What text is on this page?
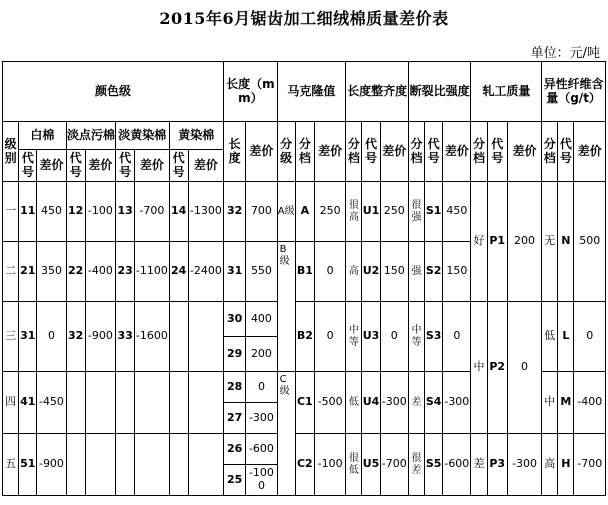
2015年6月锯齿加工细绒棉质量差价表
单位：元/吨
颜色级									长度（mm）		马克隆值			长度整齐度			断裂比强度			轧工质量			异性纤维含量（g/t）		
级别	白棉		淡点污棉		淡黄染棉		黄染棉		长度	差价	分级	分档	差价	分档	代号	差价	分档	代号	差价	分档	代号	差价	分档	代号	差价
	代号	差价	代号	差价	代号	差价	代号	差价																	
一	11	450	12	-100	13	-700	14	-1300	32	700	A级	A	250	很高	U1	250	很强	S1	450	好	P1	200	无	N	500

二	21	350	22	-400	23	-1100	24	-2400	31	550	B级	B1	0	高	U2	150	强	S2	150						

三	31	0	32	-900	33	-1600			30	400		B2	0	中等	U3	0	中等	S3	0	中	P2	0	低	L	0
									29	200															
四	41	-450							28	0	C级	C1	-500	低	U4	-300	差	S4	-300				中	M	-400
									27	-300															
五	51	-900							26	-600		C2	-100	很低	U5	-700	很差	S5	-600	差	P3	-300	高	H	-700
									25	-1000															
